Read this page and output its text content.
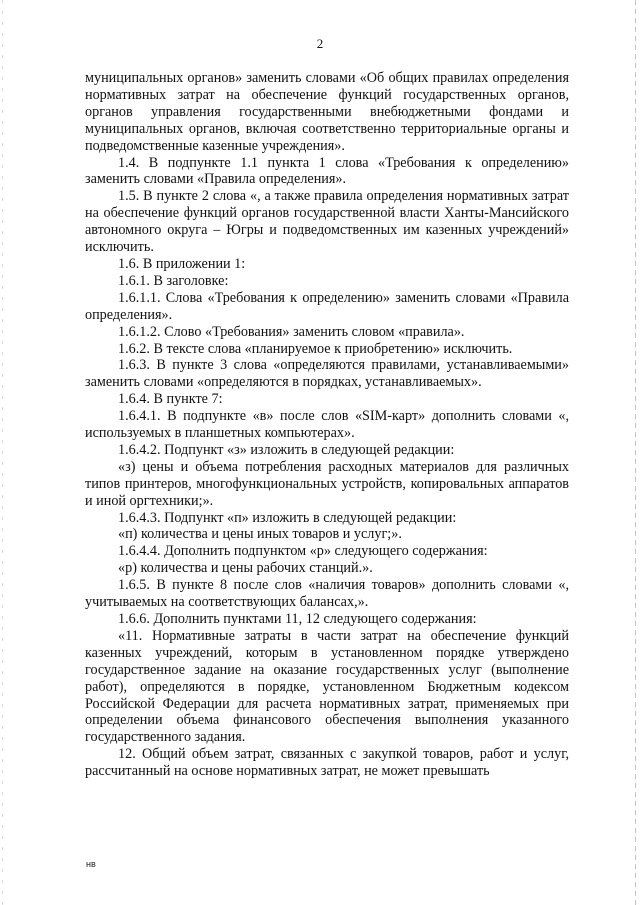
2

муниципальных органов» заменить словами «Об общих правилах определения нормативных затрат на обеспечение функций государственных органов, органов управления государственными внебюджетными фондами и муниципальных органов, включая соответственно территориальные органы и подведомственные казенные учреждения».

1.4. В подпункте 1.1 пункта 1 слова «Требования к определению» заменить словами «Правила определения».

1.5. В пункте 2 слова «, а также правила определения нормативных затрат на обеспечение функций органов государственной власти Ханты-Мансийского автономного округа – Югры и подведомственных им казенных учреждений» исключить.

1.6. В приложении 1:

1.6.1. В заголовке:

1.6.1.1. Слова «Требования к определению» заменить словами «Правила определения».

1.6.1.2. Слово «Требования» заменить словом «правила».

1.6.2. В тексте слова «планируемое к приобретению» исключить.

1.6.3. В пункте 3 слова «определяются правилами, устанавливаемыми» заменить словами «определяются в порядках, устанавливаемых».

1.6.4. В пункте 7:

1.6.4.1. В подпункте «в» после слов «SIM-карт» дополнить словами «, используемых в планшетных компьютерах».

1.6.4.2. Подпункт «з» изложить в следующей редакции:

«з) цены и объема потребления расходных материалов для различных типов принтеров, многофункциональных устройств, копировальных аппаратов и иной оргтехники;».

1.6.4.3. Подпункт «п» изложить в следующей редакции:

«п) количества и цены иных товаров и услуг;».

1.6.4.4. Дополнить подпунктом «р» следующего содержания:

«р) количества и цены рабочих станций.».

1.6.5. В пункте 8 после слов «наличия товаров» дополнить словами «, учитываемых на соответствующих балансах,».

1.6.6. Дополнить пунктами 11, 12 следующего содержания:

«11. Нормативные затраты в части затрат на обеспечение функций казенных учреждений, которым в установленном порядке утверждено государственное задание на оказание государственных услуг (выполнение работ), определяются в порядке, установленном Бюджетным кодексом Российской Федерации для расчета нормативных затрат, применяемых при определении объема финансового обеспечения выполнения указанного государственного задания.

12. Общий объем затрат, связанных с закупкой товаров, работ и услуг, рассчитанный на основе нормативных затрат, не может превышать

нв
